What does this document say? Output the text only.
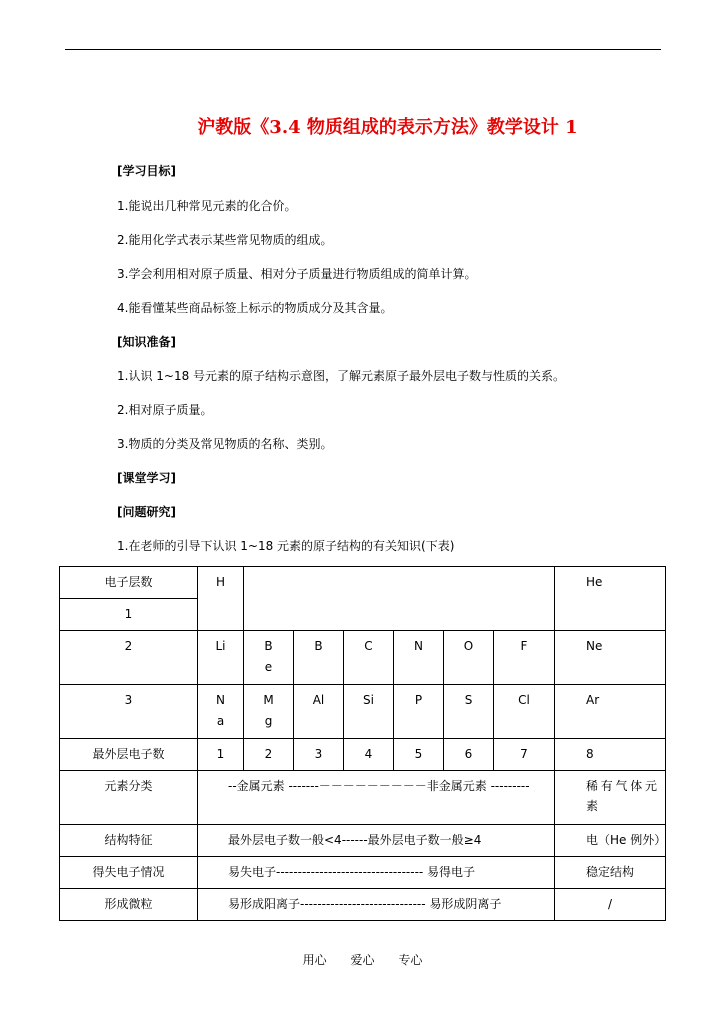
沪教版《3.4 物质组成的表示方法》教学设计 1
[学习目标]
1.能说出几种常见元素的化合价。
2.能用化学式表示某些常见物质的组成。
3.学会利用相对原子质量、相对分子质量进行物质组成的简单计算。
4.能看懂某些商品标签上标示的物质成分及其含量。
[知识准备]
1.认识 1~18 号元素的原子结构示意图，了解元素原子最外层电子数与性质的关系。
2.相对原子质量。
3.物质的分类及常见物质的名称、类别。
[课堂学习]
[问题研究]
1.在老师的引导下认识 1~18 元素的原子结构的有关知识(下表)
电子层数	H							He

1								

2	Li	Be	B	C	N	O	F	Ne

3	Na	Mg	Al	Si	P	S	Cl	Ar

最外层电子数	1	2	3	4	5	6	7	8

元素分类	--金属元素 -------－－－－－－－－－非金属元素 ---------							稀有气体元素

结构特征	最外层电子数一般<4------最外层电子数一般≥4							电（He 例外）

得失电子情况	易失电子---------------------------------- 易得电子							稳定结构

形成微粒	易形成阳离子----------------------------- 易形成阴离子							/
用心 爱心 专心
